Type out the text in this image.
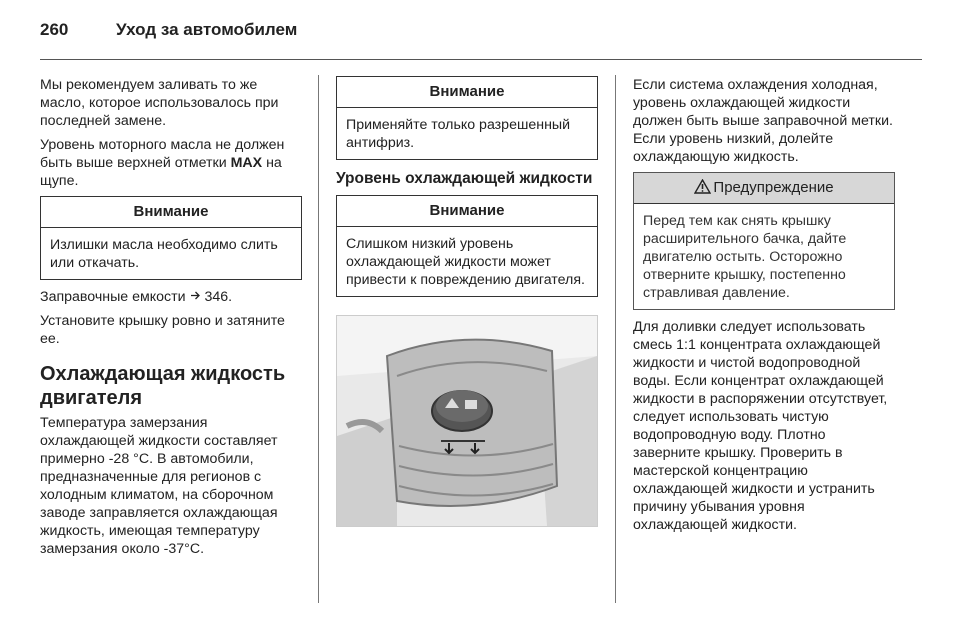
260	Уход за автомобилем

Мы рекомендуем заливать то же масло, которое использовалось при последней замене.

Уровень моторного масла не должен быть выше верхней отметки MAX на щупе.

Внимание
Излишки масла необходимо слить или откачать.

Заправочные емкости 346.

Установите крышку ровно и затяните ее.

Охлаждающая жидкость двигателя

Температура замерзания охлаждающей жидкости составляет примерно -28 °C. В автомобили, предназначенные для регионов с холодным климатом, на сборочном заводе заправляется охлаждающая жидкость, имеющая температуру замерзания около -37°C.

Внимание
Применяйте только разрешенный антифриз.
Уровень охлаждающей жидкости
Внимание
Слишком низкий уровень охлаждающей жидкости может привести к повреждению двигателя.

Если система охлаждения холодная, уровень охлаждающей жидкости должен быть выше заправочной метки. Если уровень низкий, долейте охлаждающую жидкость.

Предупреждение
Перед тем как снять крышку расширительного бачка, дайте двигателю остыть. Осторожно отверните крышку, постепенно стравливая давление.

Для доливки следует использовать смесь 1:1 концентрата охлаждающей жидкости и чистой водопроводной воды. Если концентрат охлаждающей жидкости в распоряжении отсутствует, следует использовать чистую водопроводную воду. Плотно заверните крышку. Проверить в мастерской концентрацию охлаждающей жидкости и устранить причину убывания уровня охлаждающей жидкости.
